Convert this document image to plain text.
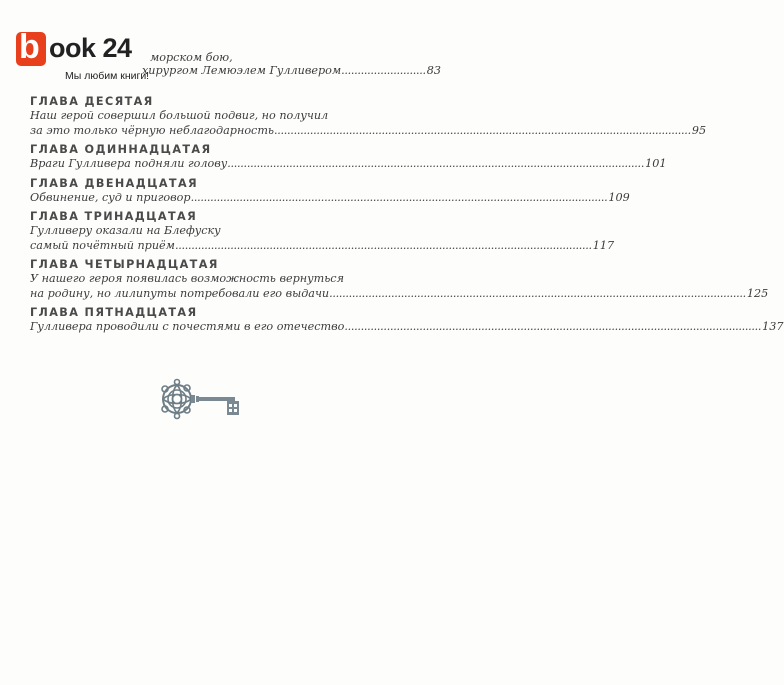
b ook 24
Мы любим книги!
морском бою,
хирургом Лемюэлем Гулливером .......................... 83
ГЛАВА ДЕСЯТАЯ
Наш герой совершил большой подвиг, но получил
за это только чёрную неблагодарность ................................................................................................................................ 95
ГЛАВА ОДИННАДЦАТАЯ
Враги Гулливера подняли голову ................................................................................................................................ 101
ГЛАВА ДВЕНАДЦАТАЯ
Обвинение, суд и приговор ................................................................................................................................ 109
ГЛАВА ТРИНАДЦАТАЯ
Гулливеру оказали на Блефуску
самый почётный приём ................................................................................................................................ 117
ГЛАВА ЧЕТЫРНАДЦАТАЯ
У нашего героя появилась возможность вернуться
на родину, но лилипуты потребовали его выдачи ................................................................................................................................ 125
ГЛАВА ПЯТНАДЦАТАЯ
Гулливера проводили с почестями в его отечество ................................................................................................................................ 137
